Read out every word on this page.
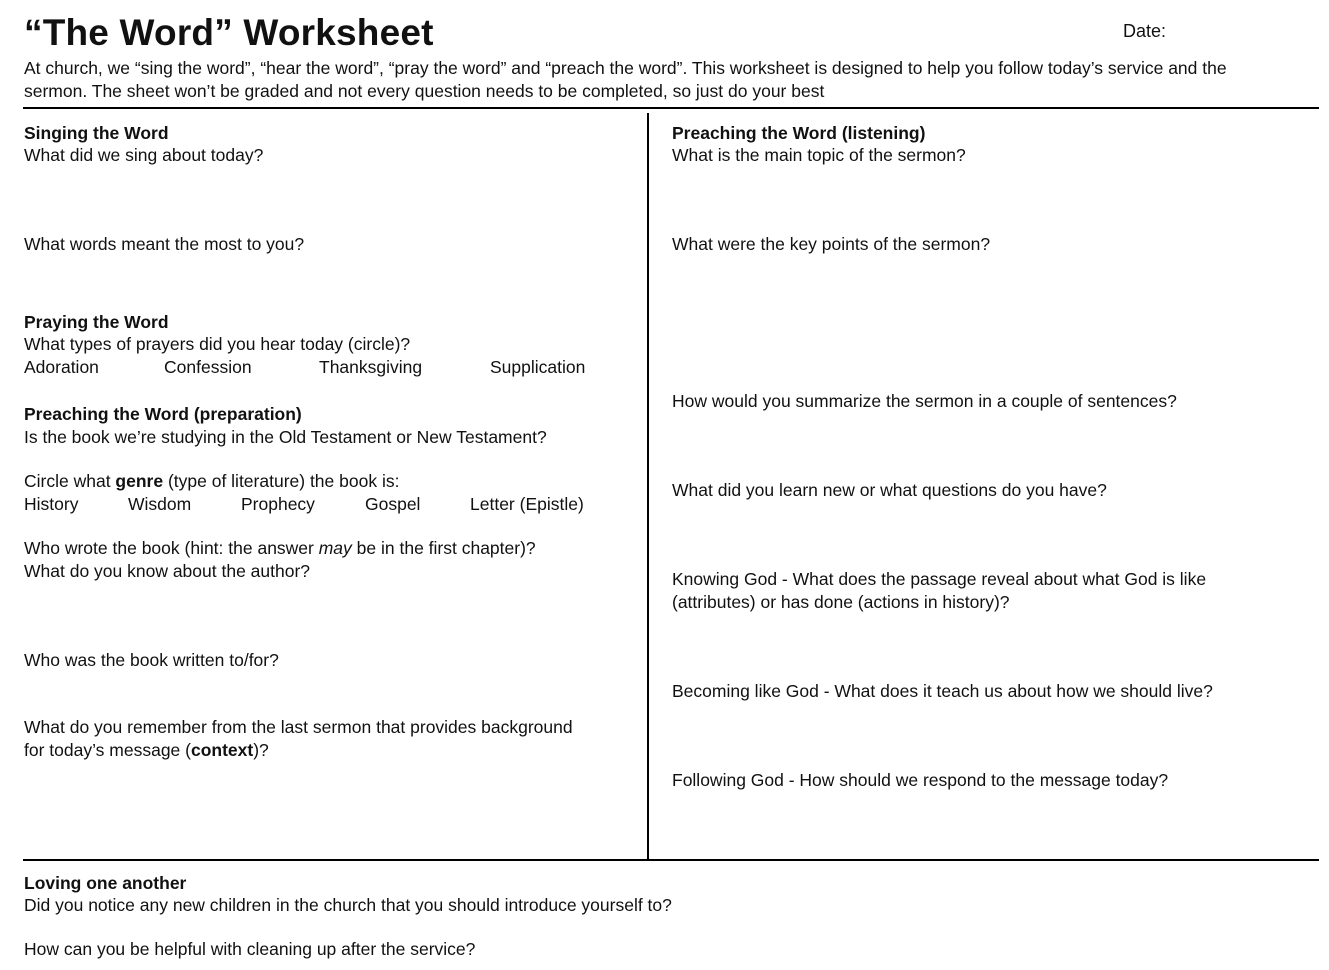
“The Word” Worksheet	Date:
At church, we “sing the word”, “hear the word”, “pray the word” and “preach the word”. This worksheet is designed to help you follow today’s service and the
sermon. The sheet won’t be graded and not every question needs to be completed, so just do your best
Singing the Word
What did we sing about today?
What words meant the most to you?
Praying the Word
What types of prayers did you hear today (circle)?
Adoration	Confession	Thanksgiving	Supplication
Preaching the Word (preparation)
Is the book we’re studying in the Old Testament or New Testament?
Circle what genre (type of literature) the book is:
History	Wisdom	Prophecy	Gospel	Letter (Epistle)
Who wrote the book (hint: the answer may be in the first chapter)?
What do you know about the author?
Who was the book written to/for?
What do you remember from the last sermon that provides background
for today’s message (context)?
Preaching the Word (listening)
What is the main topic of the sermon?
What were the key points of the sermon?
How would you summarize the sermon in a couple of sentences?
What did you learn new or what questions do you have?
Knowing God - What does the passage reveal about what God is like
(attributes) or has done (actions in history)?
Becoming like God - What does it teach us about how we should live?
Following God - How should we respond to the message today?
Loving one another
Did you notice any new children in the church that you should introduce yourself to?
How can you be helpful with cleaning up after the service?
